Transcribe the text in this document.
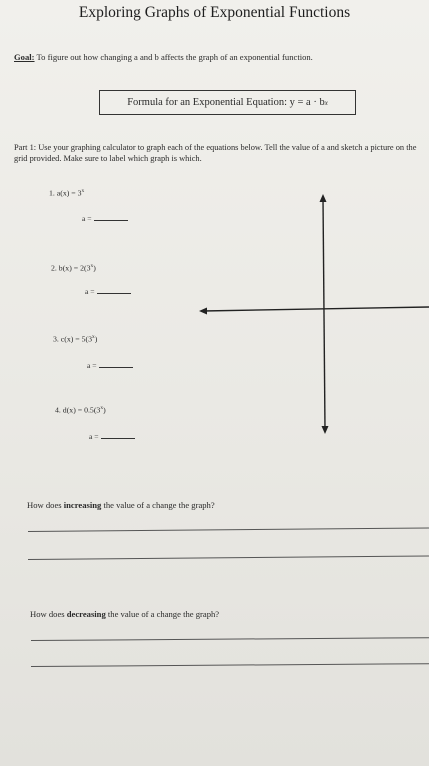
Exploring Graphs of Exponential Functions
Goal: To figure out how changing a and b affects the graph of an exponential function.
Formula for an Exponential Equation: y = a · b x
Part 1: Use your graphing calculator to graph each of the equations below. Tell the value of a and sketch a picture on the grid provided. Make sure to label which graph is which.
1. $a(x) = 3^x$
a =
2. $b(x) = 2(3^x)$
a =
3. $c(x) = 5(3^x)$
a =
4. $d(x) = 0.5(3^x)$
a =
How does increasing the value of a change the graph?
How does decreasing the value of a change the graph?
